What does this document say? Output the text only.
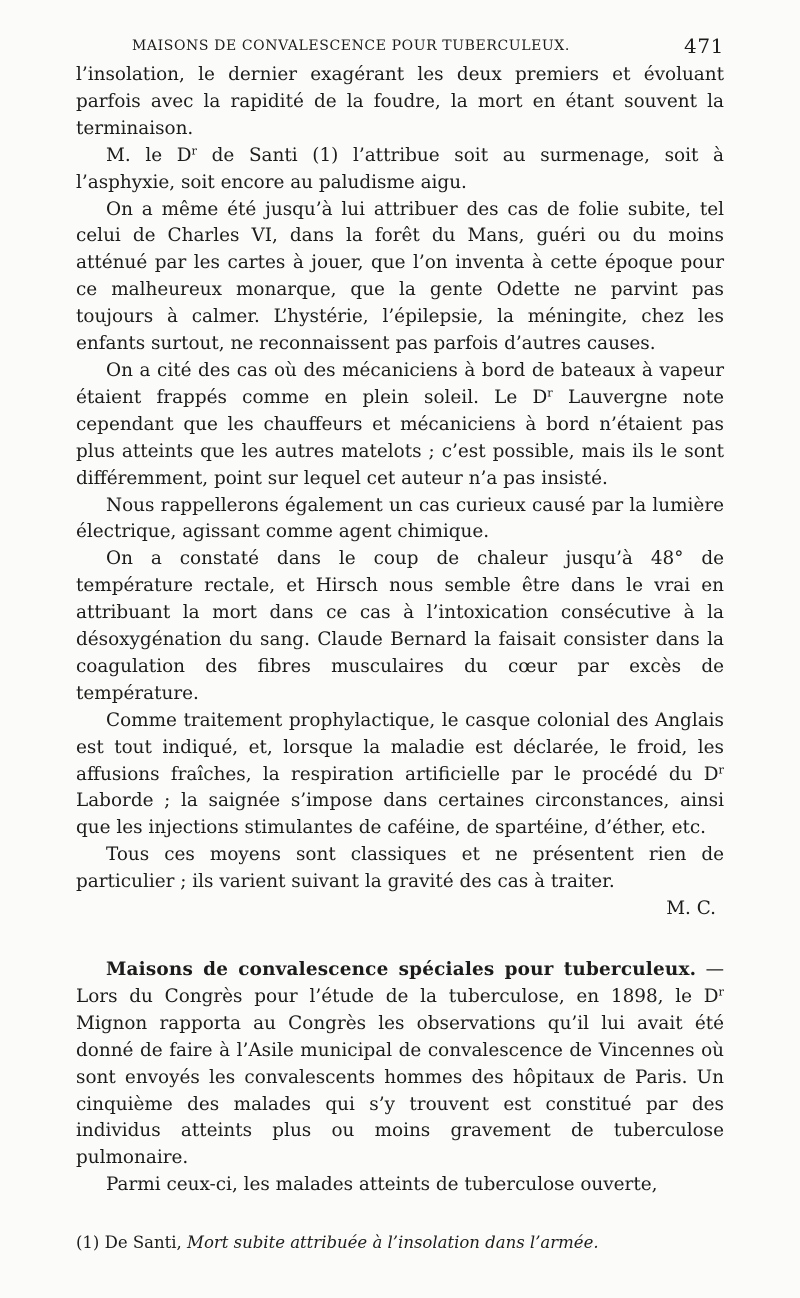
MAISONS DE CONVALESCENCE POUR TUBERCULEUX.	471

l’insolation, le dernier exagérant les deux premiers et évoluant parfois avec la rapidité de la foudre, la mort en étant souvent la terminaison.

M. le $D^r$ de Santi (1) l’attribue soit au surmenage, soit à l’asphyxie, soit encore au paludisme aigu.

On a même été jusqu’à lui attribuer des cas de folie subite, tel celui de Charles VI, dans la forêt du Mans, guéri ou du moins atténué par les cartes à jouer, que l’on inventa à cette époque pour ce malheureux monarque, que la gente Odette ne parvint pas toujours à calmer. L’hystérie, l’épilepsie, la méningite, chez les enfants surtout, ne reconnaissent pas parfois d’autres causes.

On a cité des cas où des mécaniciens à bord de bateaux à vapeur étaient frappés comme en plein soleil. Le $D^r$ Lauvergne note cependant que les chauffeurs et mécaniciens à bord n’étaient pas plus atteints que les autres matelots ; c’est possible, mais ils le sont différemment, point sur lequel cet auteur n’a pas insisté.

Nous rappellerons également un cas curieux causé par la lumière électrique, agissant comme agent chimique.

On a constaté dans le coup de chaleur jusqu’à 48° de température rectale, et Hirsch nous semble être dans le vrai en attribuant la mort dans ce cas à l’intoxication consécutive à la désoxygénation du sang. Claude Bernard la faisait consister dans la coagulation des fibres musculaires du cœur par excès de température.

Comme traitement prophylactique, le casque colonial des Anglais est tout indiqué, et, lorsque la maladie est déclarée, le froid, les affusions fraîches, la respiration artificielle par le procédé du $D^r$ Laborde ; la saignée s’impose dans certaines circonstances, ainsi que les injections stimulantes de caféine, de spartéine, d’éther, etc.

Tous ces moyens sont classiques et ne présentent rien de particulier ; ils varient suivant la gravité des cas à traiter.

M. C.

Maisons de convalescence spéciales pour tuberculeux. — Lors du Congrès pour l’étude de la tuberculose, en 1898, le $D^r$ Mignon rapporta au Congrès les observations qu’il lui avait été donné de faire à l’Asile municipal de convalescence de Vincennes où sont envoyés les convalescents hommes des hôpitaux de Paris. Un cinquième des malades qui s’y trouvent est constitué par des individus atteints plus ou moins gravement de tuberculose pulmonaire.

Parmi ceux-ci, les malades atteints de tuberculose ouverte,

(1) De Santi, Mort subite attribuée à l’insolation dans l’armée.
